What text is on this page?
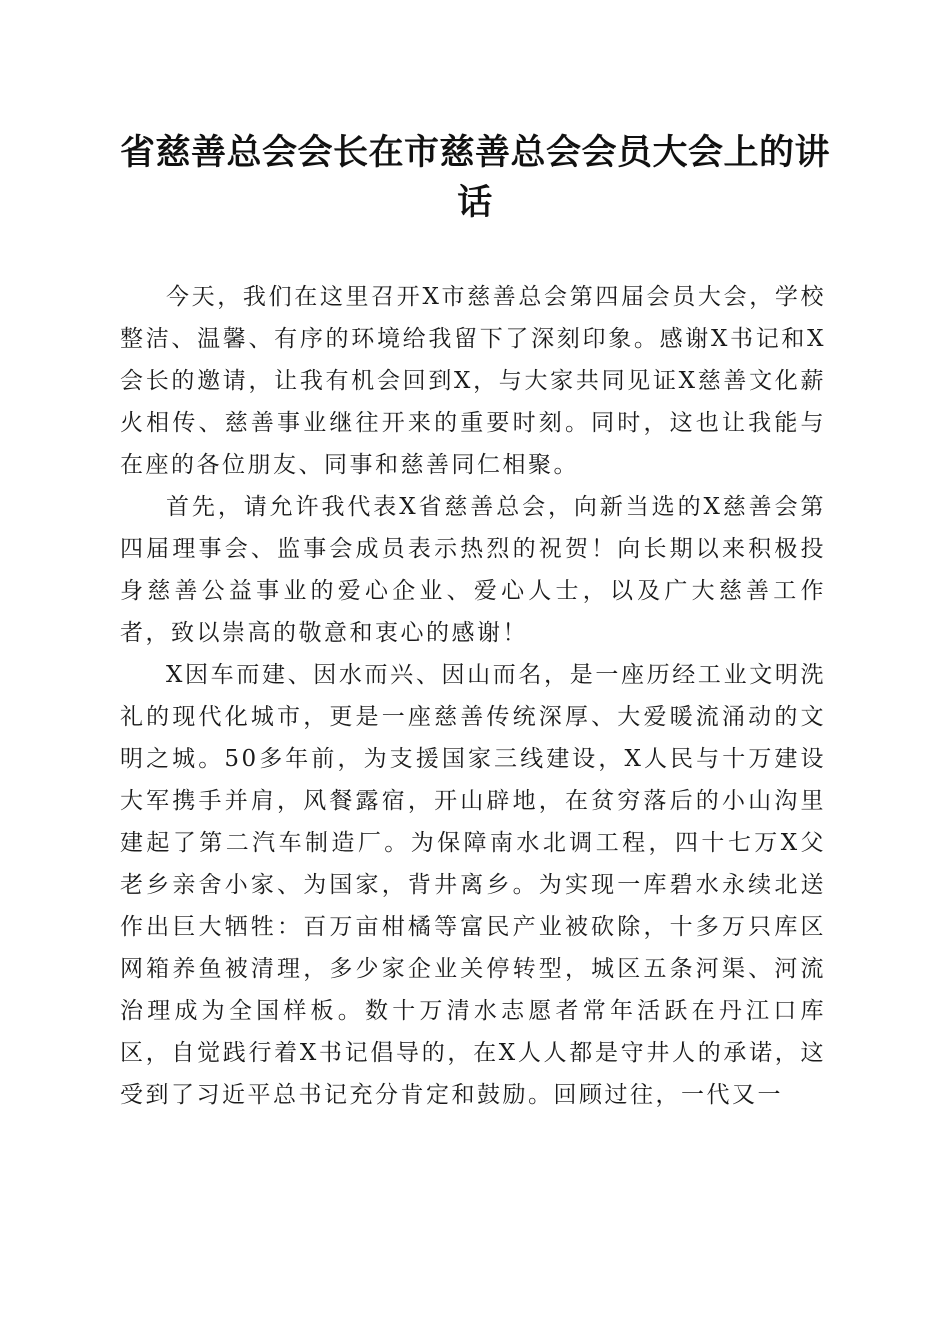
省慈善总会会长在市慈善总会会员大会上的讲话

今天，我们在这里召开X市慈善总会第四届会员大会，学校整洁、温馨、有序的环境给我留下了深刻印象。感谢X书记和X会长的邀请，让我有机会回到X，与大家共同见证X慈善文化薪火相传、慈善事业继往开来的重要时刻。同时，这也让我能与在座的各位朋友、同事和慈善同仁相聚。

首先，请允许我代表X省慈善总会，向新当选的X慈善会第四届理事会、监事会成员表示热烈的祝贺！向长期以来积极投身慈善公益事业的爱心企业、爱心人士，以及广大慈善工作者，致以崇高的敬意和衷心的感谢！

X因车而建、因水而兴、因山而名，是一座历经工业文明洗礼的现代化城市，更是一座慈善传统深厚、大爱暖流涌动的文明之城。50多年前，为支援国家三线建设，X人民与十万建设大军携手并肩，风餐露宿，开山辟地，在贫穷落后的小山沟里建起了第二汽车制造厂。为保障南水北调工程，四十七万X父老乡亲舍小家、为国家，背井离乡。为实现一库碧水永续北送作出巨大牺牲：百万亩柑橘等富民产业被砍除，十多万只库区网箱养鱼被清理，多少家企业关停转型，城区五条河渠、河流治理成为全国样板。数十万清水志愿者常年活跃在丹江口库区，自觉践行着X书记倡导的，在X人人都是守井人的承诺，这受到了习近平总书记充分肯定和鼓励。回顾过往，一代又一
